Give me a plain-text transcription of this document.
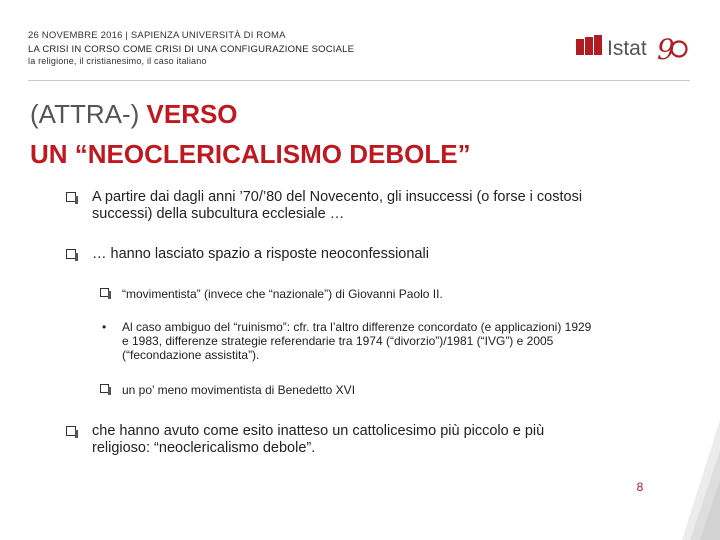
26 NOVEMBRE 2016 | SAPIENZA UNIVERSITÀ DI ROMA
LA CRISI IN CORSO COME CRISI DI UNA CONFIGURAZIONE SOCIALE
la religione, il cristianesimo, il caso italiano
Istat 9
(ATTRA-) VERSO
UN “NEOCLERICALISMO DEBOLE”
A partire dai dagli anni ’70/’80 del Novecento, gli insuccessi (o forse i costosi
successi) della subcultura ecclesiale …
… hanno lasciato spazio a risposte neoconfessionali
“movimentista” (invece che “nazionale”) di Giovanni Paolo II.
• Al caso ambiguo del “ruinismo”: cfr. tra l’altro differenze concordato (e applicazioni) 1929
e 1983, differenze strategie referendarie tra 1974 (“divorzio”)/1981 (“IVG”) e 2005
(“fecondazione assistita”).
un po’ meno movimentista di Benedetto XVI
che hanno avuto come esito inatteso un cattolicesimo più piccolo e più
religioso: “neoclericalismo debole”.
8
